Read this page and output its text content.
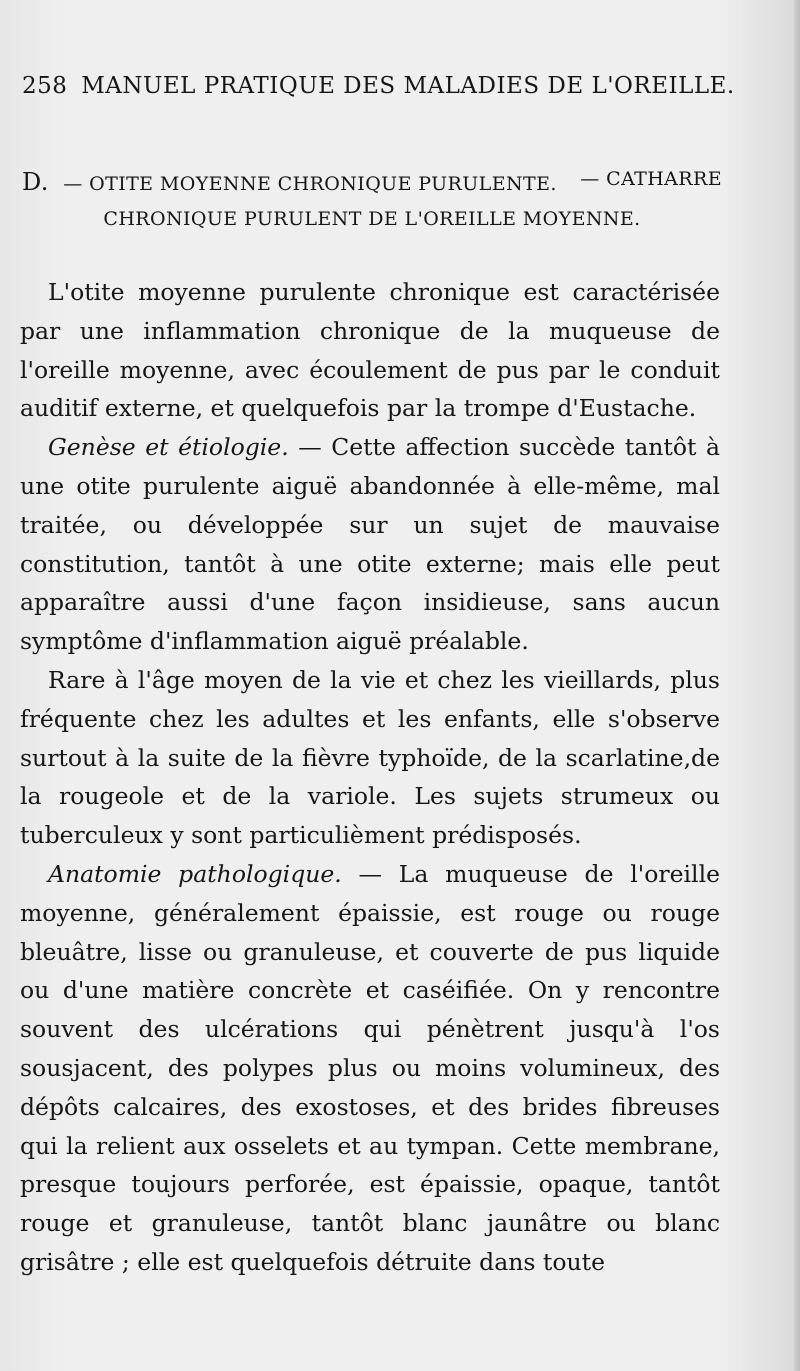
258 MANUEL PRATIQUE DES MALADIES DE L'OREILLE.
D. — OTITE MOYENNE CHRONIQUE PURULENTE. — CATHARRE
CHRONIQUE PURULENT DE L'OREILLE MOYENNE.

L'otite moyenne purulente chronique est caractérisée par une inflammation chronique de la muqueuse de l'oreille moyenne, avec écoulement de pus par le conduit auditif externe, et quelquefois par la trompe d'Eustache.

Genèse et étiologie. — Cette affection succède tantôt à une otite purulente aiguë abandonnée à elle-même, mal traitée, ou développée sur un sujet de mauvaise constitution, tantôt à une otite externe; mais elle peut apparaître aussi d'une façon insidieuse, sans aucun symptôme d'inflammation aiguë préalable.

Rare à l'âge moyen de la vie et chez les vieillards, plus fréquente chez les adultes et les enfants, elle s'observe surtout à la suite de la fièvre typhoïde, de la scarlatine,de la rougeole et de la variole. Les sujets strumeux ou tuberculeux y sont particulièment prédisposés.

Anatomie pathologique. — La muqueuse de l'oreille moyenne, généralement épaissie, est rouge ou rouge bleuâtre, lisse ou granuleuse, et couverte de pus liquide ou d'une matière concrète et caséifiée. On y rencontre souvent des ulcérations qui pénètrent jusqu'à l'os sousjacent, des polypes plus ou moins volumineux, des dépôts calcaires, des exostoses, et des brides fibreuses qui la relient aux osselets et au tympan. Cette membrane, presque toujours perforée, est épaissie, opaque, tantôt rouge et granuleuse, tantôt blanc jaunâtre ou blanc grisâtre ; elle est quelquefois détruite dans toute
